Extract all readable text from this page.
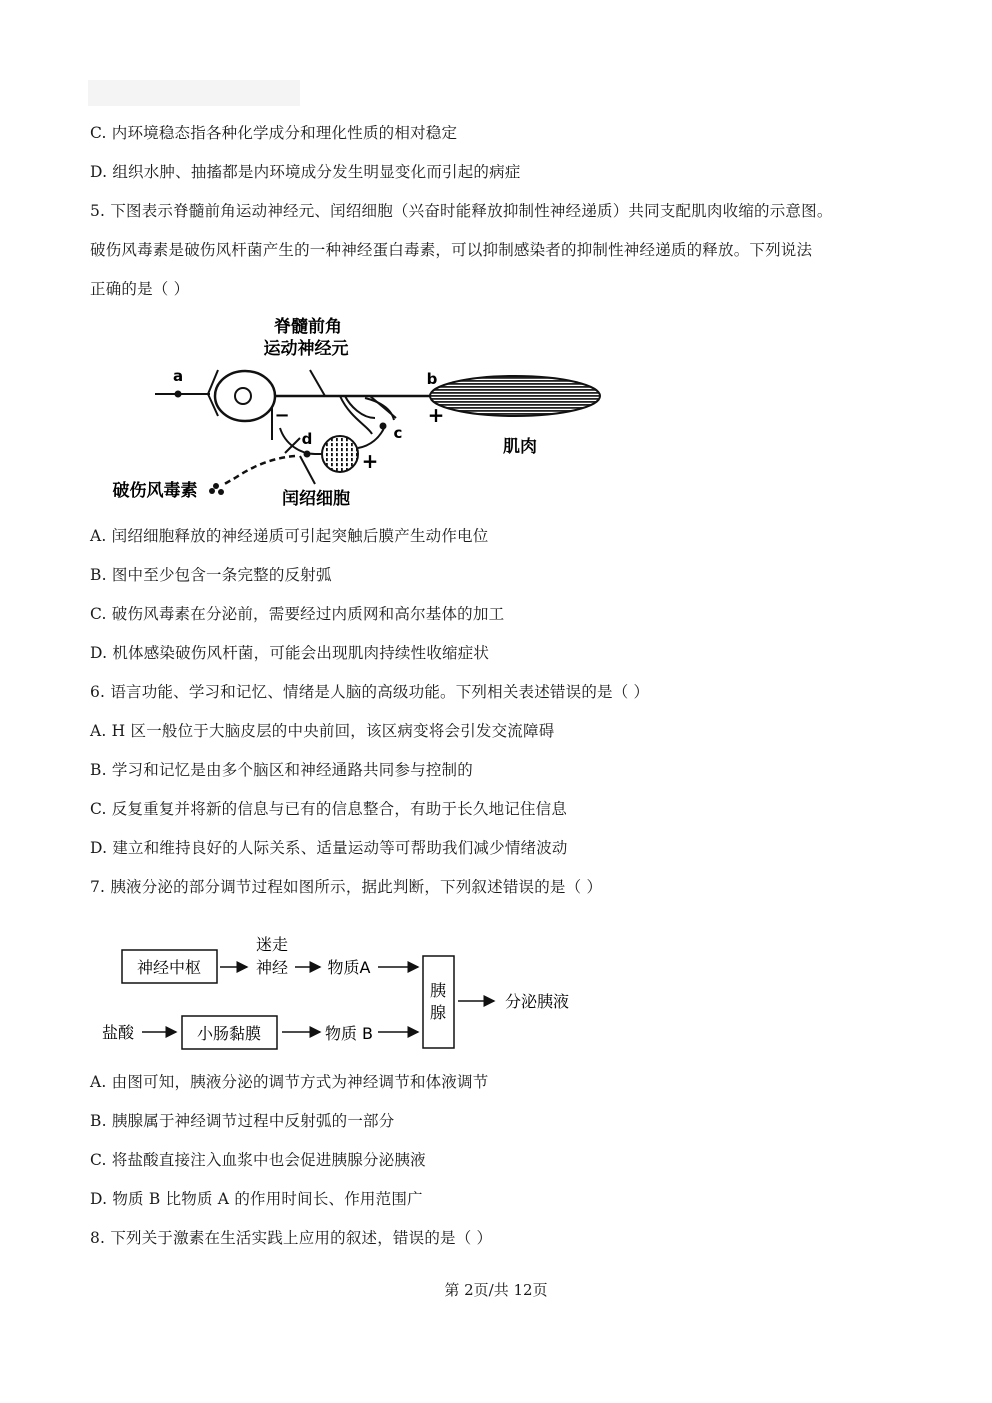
C. 内环境稳态指各种化学成分和理化性质的相对稳定
D. 组织水肿、抽搐都是内环境成分发生明显变化而引起的病症
5. 下图表示脊髓前角运动神经元、闰绍细胞（兴奋时能释放抑制性神经递质）共同支配肌肉收缩的示意图。
破伤风毒素是破伤风杆菌产生的一种神经蛋白毒素，可以抑制感染者的抑制性神经递质的释放。下列说法
正确的是（ ）
脊髓前角
运动神经元
a	b
+
肌肉
−
d	c
+
破伤风毒素	闰绍细胞
A. 闰绍细胞释放的神经递质可引起突触后膜产生动作电位
B. 图中至少包含一条完整的反射弧
C. 破伤风毒素在分泌前，需要经过内质网和高尔基体的加工
D. 机体感染破伤风杆菌，可能会出现肌肉持续性收缩症状
6. 语言功能、学习和记忆、情绪是人脑的高级功能。下列相关表述错误的是（ ）
A. H 区一般位于大脑皮层的中央前回，该区病变将会引发交流障碍
B. 学习和记忆是由多个脑区和神经通路共同参与控制的
C. 反复重复并将新的信息与已有的信息整合，有助于长久地记住信息
D. 建立和维持良好的人际关系、适量运动等可帮助我们减少情绪波动
7. 胰液分泌的部分调节过程如图所示，据此判断，下列叙述错误的是（ ）
神经中枢
迷走
神经 物质A
盐酸	小肠黏膜	物质 B
胰
腺
分泌胰液
A. 由图可知，胰液分泌的调节方式为神经调节和体液调节
B. 胰腺属于神经调节过程中反射弧的一部分
C. 将盐酸直接注入血浆中也会促进胰腺分泌胰液
D. 物质 B 比物质 A 的作用时间长、作用范围广
8. 下列关于激素在生活实践上应用的叙述，错误的是（ ）
第 2页/共 12页
